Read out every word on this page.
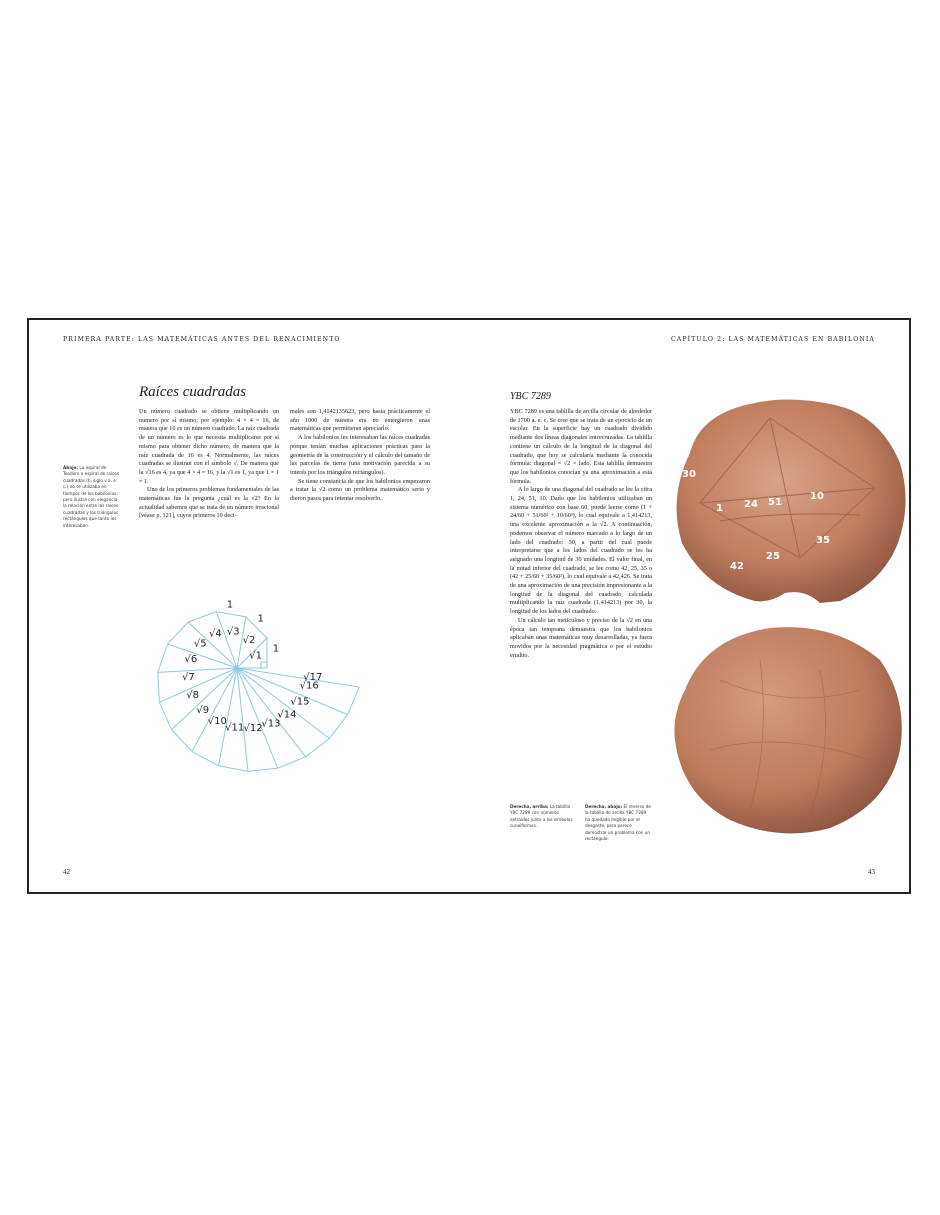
PRIMERA PARTE: LAS MATEMÁTICAS ANTES DEL RENACIMIENTO	CAPÍTULO 2: LAS MATEMÁTICAS EN BABILONIA
Raíces cuadradas
Abajo: La espiral de Teodoro o espiral de raíces cuadradas (h. siglo v a. e. c.) no se utilizaba en tiempos de los babilonios, pero ilustra con elegancia la relación entre las raíces cuadradas y los triángulos rectángulos que tanto les interesaban.

Un número cuadrado se obtiene multiplicando un número por sí mismo; por ejemplo: 4 × 4 = 16, de manera que 16 es un número cuadrado. La raíz cuadrada de un número es lo que necesita multiplicarse por sí mismo para obtener dicho número; de manera que la raíz cuadrada de 16 es 4. Normalmente, las raíces cuadradas se ilustran con el símbolo √. De manera que la √16 es 4, ya que 4 × 4 = 16, y la √1 es 1, ya que 1 × 1 = 1.

Uno de los primeros problemas fundamentales de las matemáticas fue la pregunta ¿cuál es la √2? En la actualidad sabemos que se trata de un número irracional [véase p. 121], cuyos primeros 10 deci-

males son 1,4142135623, pero hasta prácticamente el año 1000 de nuestra era no emergieron unas matemáticas que permitieran apreciarlo.

A los babilonios les interesaban las raíces cuadradas porque tenían muchas aplicaciones prácticas para la geometría de la construcción y el cálculo del tamaño de las parcelas de tierra (una motivación parecida a su interés por los triángulos rectángulos).

Se tiene constancia de que los babilonios empezaron a tratar la √2 como un problema matemático serio y dieron pasos para intentar resolverlo.

√1
√2
√3
√4
√5
√6
√7
√8
√9
√10
√11 √12
√13
√14
√15
√16
√17
1
1
1
YBC 7289

YBC 7289 es una tablilla de arcilla circular de alrededor de 1700 a. e. c. Se cree que se trata de un ejercicio de un escolar. En la superficie hay un cuadrado dividido mediante dos líneas diagonales entrecruzadas. La tablilla contiene un cálculo de la longitud de la diagonal del cuadrado, que hoy se calcularía mediante la conocida fórmula: diagonal = √2 × lado. Esta tablilla demuestra que los babilonios conocían ya una aproximación a esta fórmula.

A lo largo de una diagonal del cuadrado se lee la cifra 1, 24, 51, 10. Dado que los babilonios utilizaban un sistema numérico con base 60, puede leerse como (1 + 24/60 + 51/60² + 10/60³), lo cual equivale a 1,414213, una excelente aproximación a la √2. A continuación, podemos observar el número marcado a lo largo de un lado del cuadrado: 30, a partir del cual puede interpretarse que a los lados del cuadrado se les ha asignado una longitud de 30 unidades. El valor final, en la mitad inferior del cuadrado, se lee como 42, 25, 35 o (42 + 25/60 + 35/60²), lo cual equivale a 42,426. Se trata de una aproximación de una precisión impresionante a la longitud de la diagonal del cuadrado, calculada multiplicando la raíz cuadrada (1,414213) por 30, la longitud de los lados del cuadrado.

Un cálculo tan meticuloso y preciso de la √2 en una época tan temprana demuestra que los babilonios aplicaban unas matemáticas muy desarrolladas, ya fuera movidos por la necesidad pragmática o por el estudio erudito.

30
1 24 51
10
42
25
35
Derecha, arriba: La tablilla YBC 7289 con números extraídos junto a los símbolos cuneiformes.
Derecha, abajo: El reverso de la tablilla de arcilla YBC 7289 ha quedado ilegible por el desgaste, pero parece demostrar un problema con un rectángulo.
42	43
